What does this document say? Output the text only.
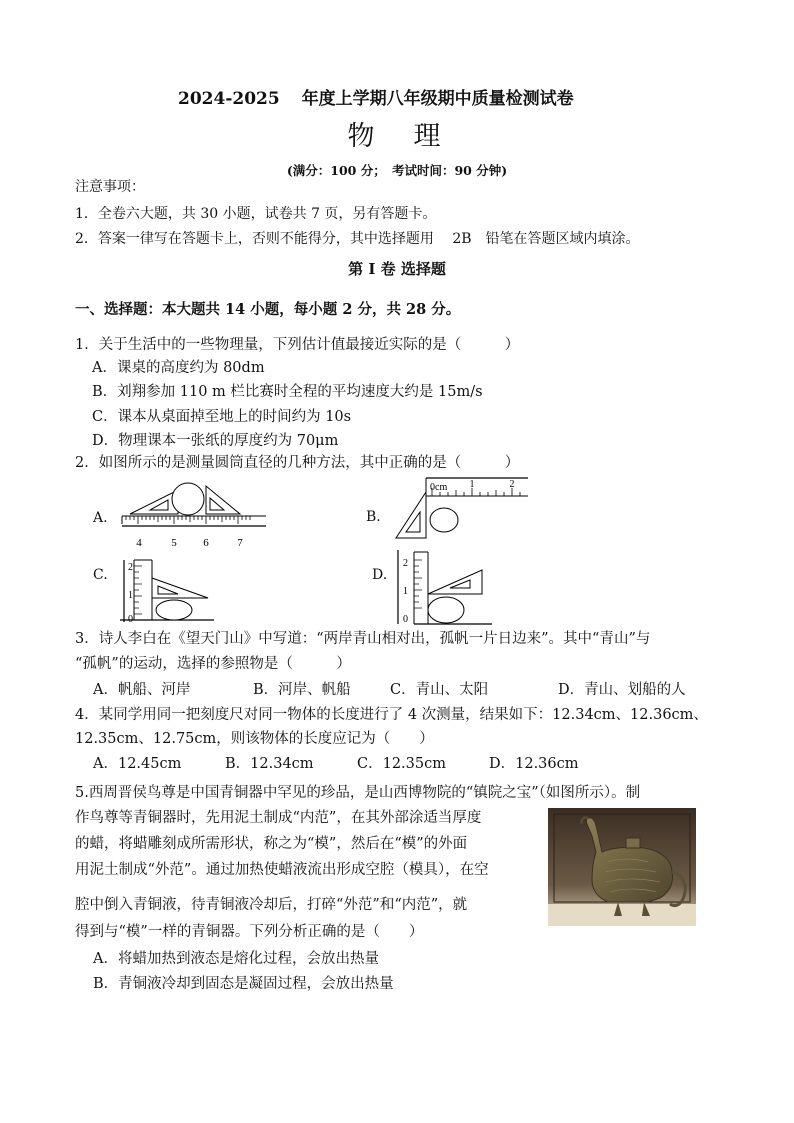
2024-2025 年度上学期八年级期中质量检测试卷
物　理
(满分：100 分；　考试时间：90 分钟)
注意事项：
1．全卷六大题，共 30 小题，试卷共 7 页，另有答题卡。
2．答案一律写在答题卡上，否则不能得分，其中选择题用　 2B　铅笔在答题区域内填涂。
第 I 卷 选择题
一、选择题：本大题共 14 小题，每小题 2 分，共 28 分。
1．关于生活中的一些物理量，下列估计值最接近实际的是（　　　）
A．课桌的高度约为 80dm
B．刘翔参加 110 m 栏比赛时全程的平均速度大约是 15m/s
C．课本从桌面掉至地上的时间约为 10s
D．物理课本一张纸的厚度约为 70μm
2．如图所示的是测量圆筒直径的几种方法，其中正确的是（　　　）
A.	B.
C.	D.
4	5 6	7
0cm 1	2
2
1
0
2
1
0
3．诗人李白在《望天门山》中写道：“两岸青山相对出，孤帆一片日边来”。其中“青山”与
“孤帆”的运动，选择的参照物是（　　　）
A．帆船、河岸	B．河岸、帆船	C．青山、太阳	D．青山、划船的人
4．某同学用同一把刻度尺对同一物体的长度进行了 4 次测量，结果如下：12.34cm、12.36cm、
12.35cm、12.75cm，则该物体的长度应记为（　　）
A．12.45cm	B．12.34cm	C．12.35cm	D．12.36cm
5.西周晋侯鸟尊是中国青铜器中罕见的珍品，是山西博物院的“镇院之宝”（如图所示）。制
作鸟尊等青铜器时，先用泥土制成“内范”，在其外部涂适当厚度
的蜡，将蜡雕刻成所需形状，称之为“模”，然后在“模”的外面
用泥土制成“外范”。通过加热使蜡液流出形成空腔（模具），在空
腔中倒入青铜液，待青铜液冷却后，打碎“外范”和“内范”，就
得到与“模”一样的青铜器。下列分析正确的是（　　）
A．将蜡加热到液态是熔化过程，会放出热量
B．青铜液冷却到固态是凝固过程，会放出热量
